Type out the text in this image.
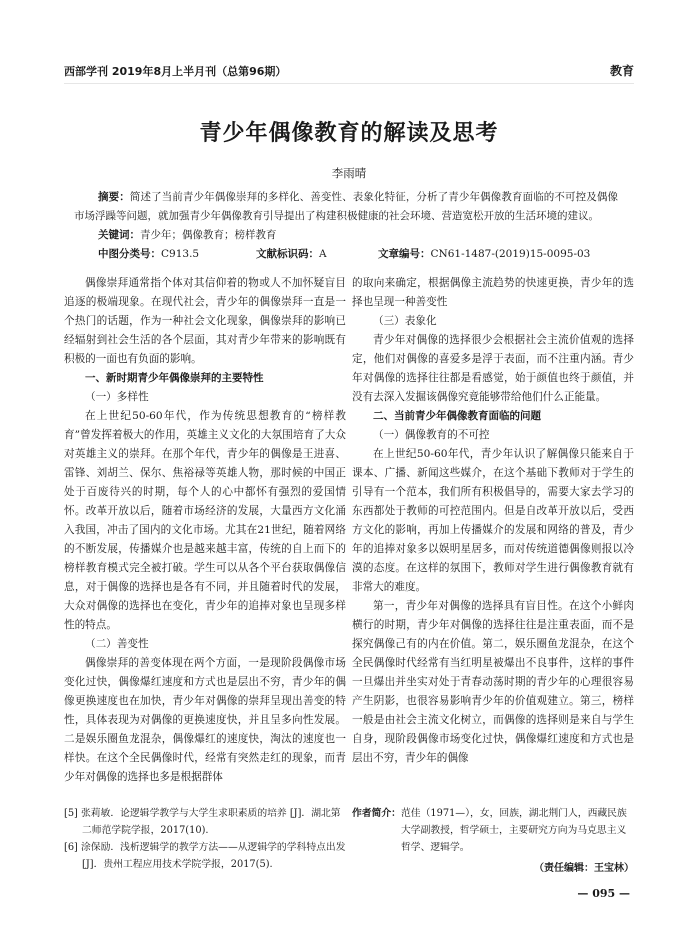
西部学刊 2019年8月上半月刊（总第96期）	教育
青少年偶像教育的解读及思考
李雨晴
摘要：简述了当前青少年偶像崇拜的多样化、善变性、表象化特征，分析了青少年偶像教育面临的不可控及偶像市场浮躁等问题，就加强青少年偶像教育引导提出了构建积极健康的社会环境、营造宽松开放的生活环境的建议。
关键词：青少年；偶像教育；榜样教育
中图分类号：C913.5	文献标识码：A	文章编号：CN61-1487-(2019)15-0095-03

偶像崇拜通常指个体对其信仰着的物或人不加怀疑盲目追逐的极端现象。在现代社会，青少年的偶像崇拜一直是一个热门的话题，作为一种社会文化现象，偶像崇拜的影响已经辐射到社会生活的各个层面，其对青少年带来的影响既有积极的一面也有负面的影响。

一、新时期青少年偶像崇拜的主要特性
（一）多样性

在上世纪50-60年代，作为传统思想教育的“榜样教育”曾发挥着极大的作用，英雄主义文化的大氛围培育了大众对英雄主义的崇拜。在那个年代，青少年的偶像是王进喜、雷锋、刘胡兰、保尔、焦裕禄等英雄人物，那时候的中国正处于百废待兴的时期，每个人的心中都怀有强烈的爱国情怀。改革开放以后，随着市场经济的发展，大量西方文化涌入我国，冲击了国内的文化市场。尤其在21世纪，随着网络的不断发展，传播媒介也是越来越丰富，传统的自上而下的榜样教育模式完全被打破。学生可以从各个平台获取偶像信息，对于偶像的选择也是各有不同，并且随着时代的发展，大众对偶像的选择也在变化，青少年的追捧对象也呈现多样性的特点。

（二）善变性

偶像崇拜的善变体现在两个方面，一是现阶段偶像市场变化过快，偶像爆红速度和方式也是层出不穷，青少年的偶像更换速度也在加快，青少年对偶像的崇拜呈现出善变的特性，具体表现为对偶像的更换速度快，并且呈多向性发展。二是娱乐圈鱼龙混杂，偶像爆红的速度快，淘汰的速度也一样快。在这个全民偶像时代，经常有突然走红的现象，而青少年对偶像的选择也多是根据群体

的取向来确定，根据偶像主流趋势的快速更换，青少年的选择也呈现一种善变性

（三）表象化

青少年对偶像的选择很少会根据社会主流价值观的选择定，他们对偶像的喜爱多是浮于表面，而不注重内涵。青少年对偶像的选择往往都是看感觉，始于颜值也终于颜值，并没有去深入发掘该偶像究竟能够带给他们什么正能量。

二、当前青少年偶像教育面临的问题
（一）偶像教育的不可控

在上世纪50-60年代，青少年认识了解偶像只能来自于课本、广播、新闻这些媒介，在这个基础下教师对于学生的引导有一个范本，我们所有积极倡导的，需要大家去学习的东西都处于教师的可控范围内。但是自改革开放以后，受西方文化的影响，再加上传播媒介的发展和网络的普及，青少年的追捧对象多以娱明星居多，而对传统道德偶像则报以冷漠的态度。在这样的氛围下，教师对学生进行偶像教育就有非常大的难度。

第一，青少年对偶像的选择具有盲目性。在这个小鲜肉横行的时期，青少年对偶像的选择往往是注重表面，而不是探究偶像己有的内在价值。第二，娱乐圈鱼龙混杂，在这个全民偶像时代经常有当红明星被爆出不良事件，这样的事件一旦爆出并坐实对处于青春动荡时期的青少年的心理很容易产生阴影，也很容易影响青少年的价值观建立。第三，榜样一般是由社会主流文化树立，而偶像的选择则是来自与学生自身，现阶段偶像市场变化过快，偶像爆红速度和方式也是层出不穷，青少年的偶像

[5] 张莉敏．论逻辑学教学与大学生求职素质的培养 [J]．湖北第二师范学院学报，2017(10).

[6] 涂保励．浅析逻辑学的教学方法——从逻辑学的学科特点出发 [J]．贵州工程应用技术学院学报，2017(5).

作者简介： 范佳（1971—），女，回族，湖北荆门人，西藏民族大学副教授，哲学硕士，主要研究方向为马克思主义哲学、逻辑学。
（责任编辑：王宝林）
— 095 —
